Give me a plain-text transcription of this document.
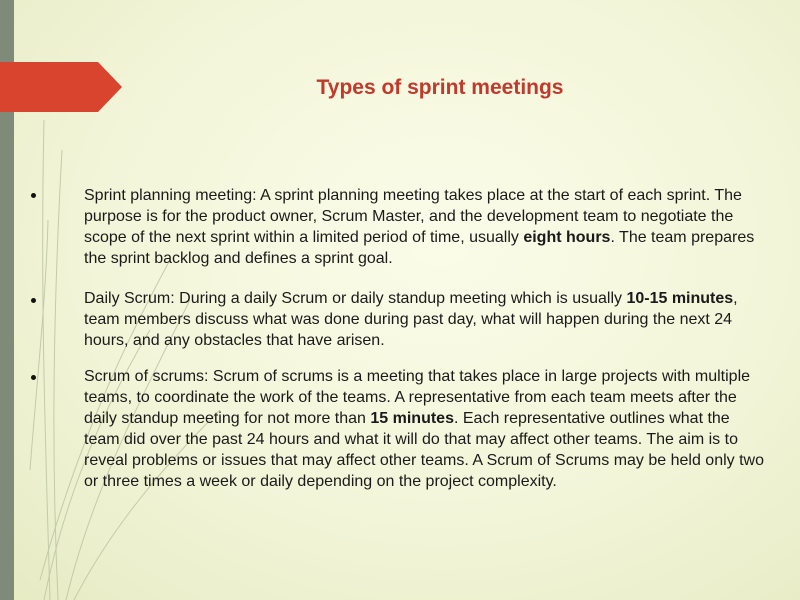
Types of sprint meetings

Sprint planning meeting: A sprint planning meeting takes place at the start of each sprint. The purpose is for the product owner, Scrum Master, and the development team to negotiate the scope of the next sprint within a limited period of time, usually eight hours. The team prepares the sprint backlog and defines a sprint goal.

Daily Scrum: During a daily Scrum or daily standup meeting which is usually 10-15 minutes, team members discuss what was done during past day, what will happen during the next 24 hours, and any obstacles that have arisen.

Scrum of scrums: Scrum of scrums is a meeting that takes place in large projects with multiple teams, to coordinate the work of the teams. A representative from each team meets after the daily standup meeting for not more than 15 minutes. Each representative outlines what the team did over the past 24 hours and what it will do that may affect other teams. The aim is to reveal problems or issues that may affect other teams. A Scrum of Scrums may be held only two or three times a week or daily depending on the project complexity.
